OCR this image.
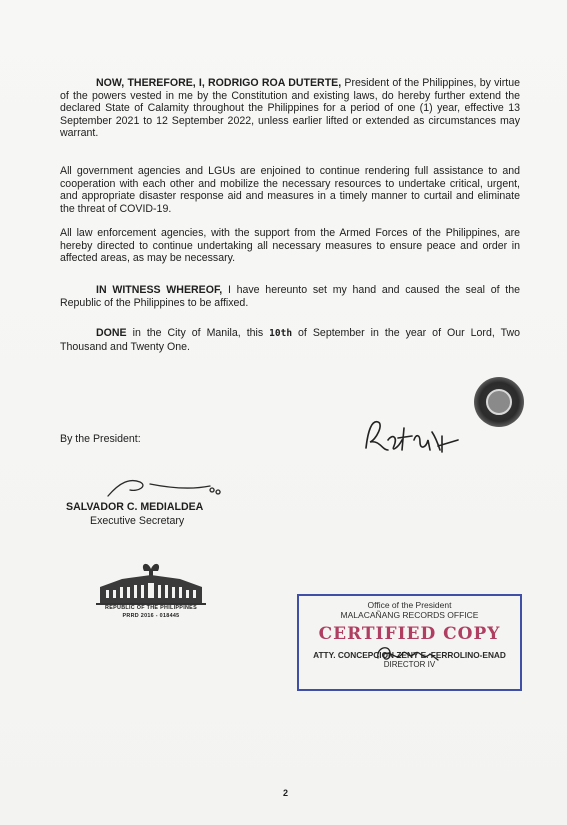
NOW, THEREFORE, I, RODRIGO ROA DUTERTE, President of the Philippines, by virtue of the powers vested in me by the Constitution and existing laws, do hereby further extend the declared State of Calamity throughout the Philippines for a period of one (1) year, effective 13 September 2021 to 12 September 2022, unless earlier lifted or extended as circumstances may warrant.
All government agencies and LGUs are enjoined to continue rendering full assistance to and cooperation with each other and mobilize the necessary resources to undertake critical, urgent, and appropriate disaster response aid and measures in a timely manner to curtail and eliminate the threat of COVID-19.
All law enforcement agencies, with the support from the Armed Forces of the Philippines, are hereby directed to continue undertaking all necessary measures to ensure peace and order in affected areas, as may be necessary.
IN WITNESS WHEREOF, I have hereunto set my hand and caused the seal of the Republic of the Philippines to be affixed.
DONE in the City of Manila, this 10th of September in the year of Our Lord, Two Thousand and Twenty One.
By the President:
SALVADOR C. MEDIALDEA
Executive Secretary
REPUBLIC OF THE PHILIPPINES
PRRD 2016 - 018445
Office of the President
MALACAÑANG RECORDS OFFICE
CERTIFIED COPY
ATTY. CONCEPCION ZENY E. FERROLINO-ENAD
DIRECTOR IV
2
